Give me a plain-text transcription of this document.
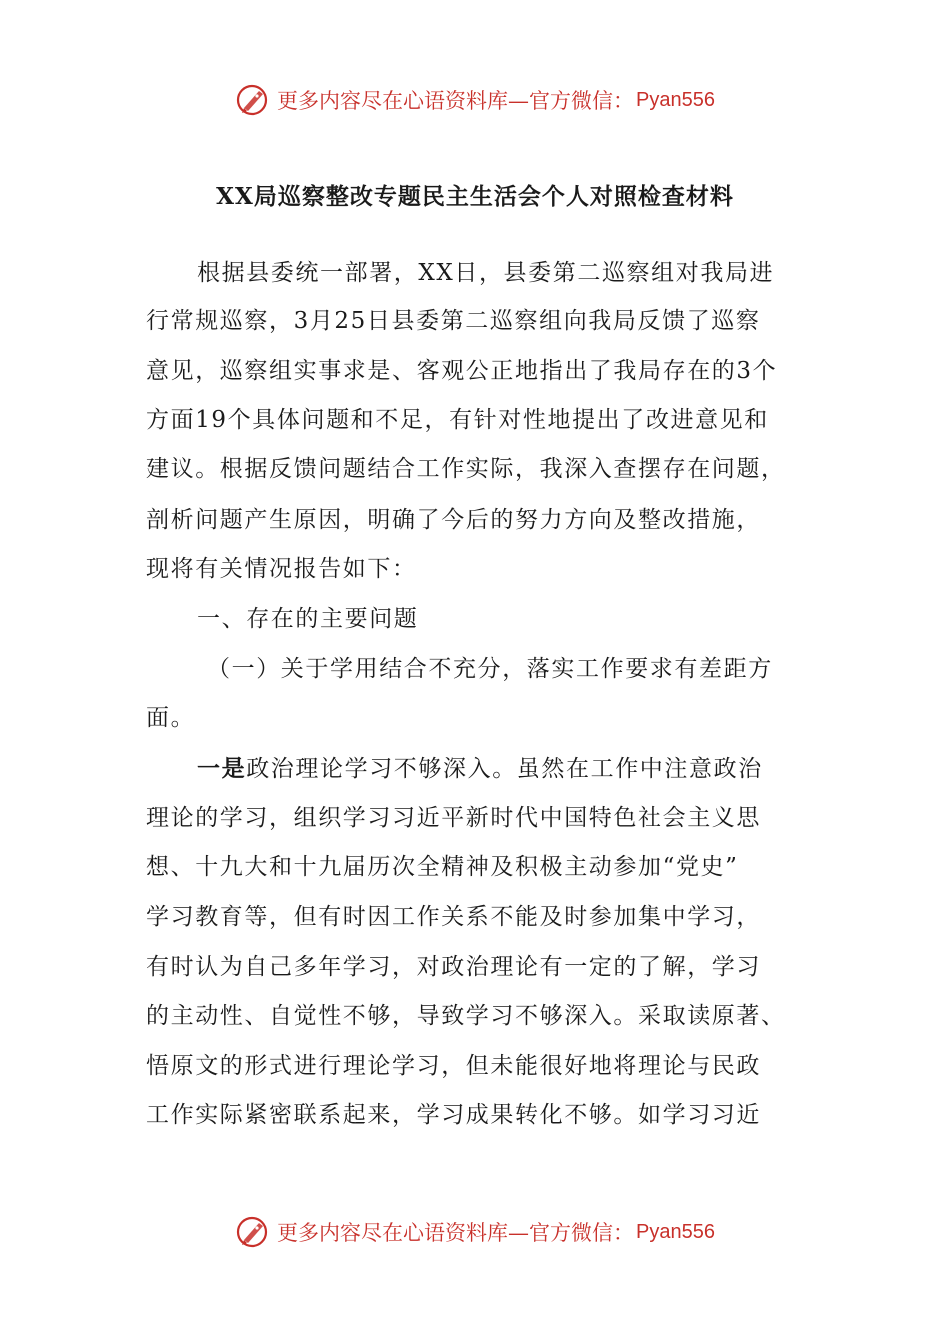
更多内容尽在心语资料库—官方微信： Pyan556
XX局巡察整改专题民主生活会个人对照检查材料

根据县委统一部署，XX日，县委第二巡察组对我局进

行常规巡察，3月25日县委第二巡察组向我局反馈了巡察

意见，巡察组实事求是、客观公正地指出了我局存在的3个

方面19个具体问题和不足，有针对性地提出了改进意见和

建议。根据反馈问题结合工作实际，我深入查摆存在问题，

剖析问题产生原因，明确了今后的努力方向及整改措施，

现将有关情况报告如下：

一、存在的主要问题

（一）关于学用结合不充分，落实工作要求有差距方

面。

一是政治理论学习不够深入。虽然在工作中注意政治

理论的学习，组织学习习近平新时代中国特色社会主义思

想、十九大和十九届历次全精神及积极主动参加“党史”

学习教育等，但有时因工作关系不能及时参加集中学习，

有时认为自己多年学习，对政治理论有一定的了解，学习

的主动性、自觉性不够，导致学习不够深入。采取读原著、

悟原文的形式进行理论学习，但未能很好地将理论与民政

工作实际紧密联系起来，学习成果转化不够。如学习习近

更多内容尽在心语资料库—官方微信： Pyan556
